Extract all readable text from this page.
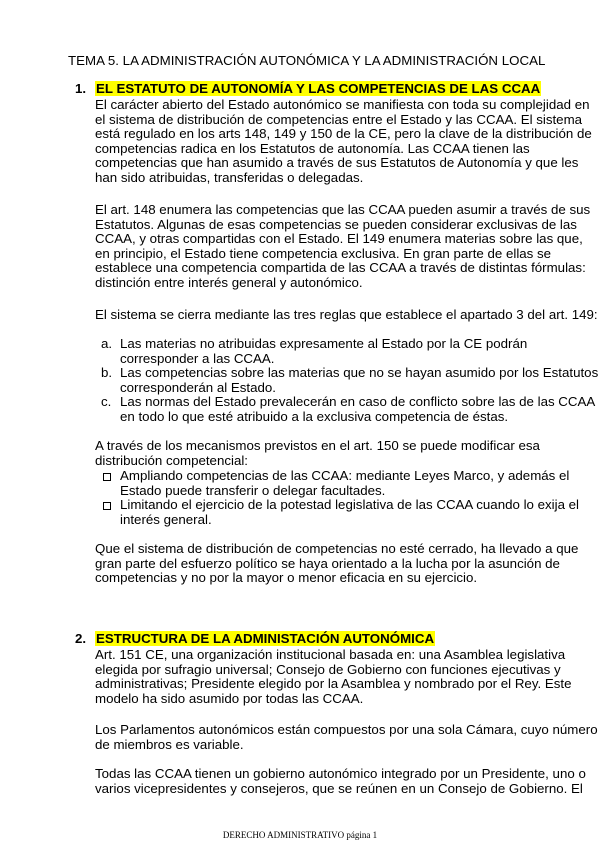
TEMA 5. LA ADMINISTRACIÓN AUTONÓMICA Y LA ADMINISTRACIÓN LOCAL
1. EL ESTATUTO DE AUTONOMÍA Y LAS COMPETENCIAS DE LAS CCAA
El carácter abierto del Estado autonómico se manifiesta con toda su complejidad en el sistema de distribución de competencias entre el Estado y las CCAA. El sistema está regulado en los arts 148, 149 y 150 de la CE, pero la clave de la distribución de competencias radica en los Estatutos de autonomía. Las CCAA tienen las competencias que han asumido a través de sus Estatutos de Autonomía y que les han sido atribuidas, transferidas o delegadas.
El art. 148 enumera las competencias que las CCAA pueden asumir a través de sus Estatutos. Algunas de esas competencias se pueden considerar exclusivas de las CCAA, y otras compartidas con el Estado. El 149 enumera materias sobre las que, en principio, el Estado tiene competencia exclusiva. En gran parte de ellas se establece una competencia compartida de las CCAA a través de distintas fórmulas: distinción entre interés general y autonómico.
El sistema se cierra mediante las tres reglas que establece el apartado 3 del art. 149:
a. Las materias no atribuidas expresamente al Estado por la CE podrán corresponder a las CCAA.
b. Las competencias sobre las materias que no se hayan asumido por los Estatutos corresponderán al Estado.
c. Las normas del Estado prevalecerán en caso de conflicto sobre las de las CCAA en todo lo que esté atribuido a la exclusiva competencia de éstas.
A través de los mecanismos previstos en el art. 150 se puede modificar esa distribución competencial:
Ampliando competencias de las CCAA: mediante Leyes Marco, y además el Estado puede transferir o delegar facultades.
Limitando el ejercicio de la potestad legislativa de las CCAA cuando lo exija el interés general.
Que el sistema de distribución de competencias no esté cerrado, ha llevado a que gran parte del esfuerzo político se haya orientado a la lucha por la asunción de competencias y no por la mayor o menor eficacia en su ejercicio.
2. ESTRUCTURA DE LA ADMINISTACIÓN AUTONÓMICA
Art. 151 CE, una organización institucional basada en: una Asamblea legislativa elegida por sufragio universal; Consejo de Gobierno con funciones ejecutivas y administrativas; Presidente elegido por la Asamblea y nombrado por el Rey. Este modelo ha sido asumido por todas las CCAA.
Los Parlamentos autonómicos están compuestos por una sola Cámara, cuyo número de miembros es variable.
Todas las CCAA tienen un gobierno autonómico integrado por un Presidente, uno o varios vicepresidentes y consejeros, que se reúnen en un Consejo de Gobierno. El
DERECHO ADMINISTRATIVO página 1
